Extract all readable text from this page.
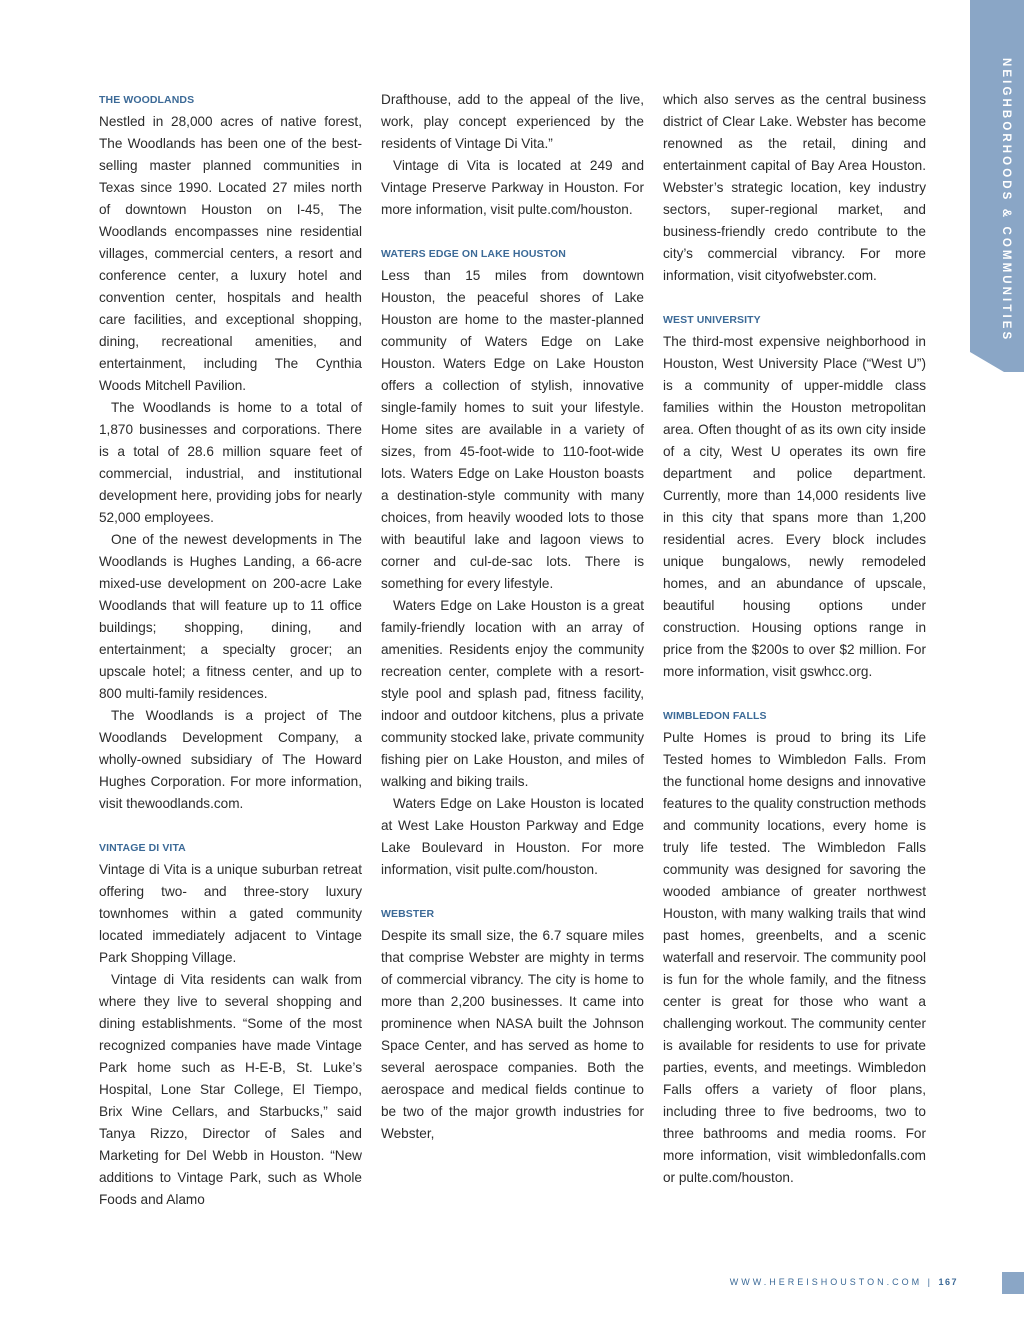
NEIGHBORHOODS & COMMUNITIES
THE WOODLANDS

Nestled in 28,000 acres of native forest, The Woodlands has been one of the best-selling master planned communities in Texas since 1990. Located 27 miles north of downtown Houston on I-45, The Woodlands encompasses nine residential villages, commercial centers, a resort and conference center, a luxury hotel and convention center, hospitals and health care facilities, and exceptional shopping, dining, recreational amenities, and entertainment, including The Cynthia Woods Mitchell Pavilion.

The Woodlands is home to a total of 1,870 businesses and corporations. There is a total of 28.6 million square feet of commercial, industrial, and institutional development here, providing jobs for nearly 52,000 employees.

One of the newest developments in The Woodlands is Hughes Landing, a 66-acre mixed-use development on 200-acre Lake Woodlands that will feature up to 11 office buildings; shopping, dining, and entertainment; a specialty grocer; an upscale hotel; a fitness center, and up to 800 multi-family residences.

The Woodlands is a project of The Woodlands Development Company, a wholly-owned subsidiary of The Howard Hughes Corporation. For more information, visit thewoodlands.com.

VINTAGE DI VITA

Vintage di Vita is a unique suburban retreat offering two- and three-story luxury townhomes within a gated community located immediately adjacent to Vintage Park Shopping Village.

Vintage di Vita residents can walk from where they live to several shopping and dining establishments. “Some of the most recognized companies have made Vintage Park home such as H-E-B, St. Luke’s Hospital, Lone Star College, El Tiempo, Brix Wine Cellars, and Starbucks,” said Tanya Rizzo, Director of Sales and Marketing for Del Webb in Houston. “New additions to Vintage Park, such as Whole Foods and Alamo

Drafthouse, add to the appeal of the live, work, play concept experienced by the residents of Vintage Di Vita.”

Vintage di Vita is located at 249 and Vintage Preserve Parkway in Houston. For more information, visit pulte.com/houston.

WATERS EDGE ON LAKE HOUSTON

Less than 15 miles from downtown Houston, the peaceful shores of Lake Houston are home to the master-planned community of Waters Edge on Lake Houston. Waters Edge on Lake Houston offers a collection of stylish, innovative single-family homes to suit your lifestyle. Home sites are available in a variety of sizes, from 45-foot-wide to 110-foot-wide lots. Waters Edge on Lake Houston boasts a destination-style community with many choices, from heavily wooded lots to those with beautiful lake and lagoon views to corner and cul-de-sac lots. There is something for every lifestyle.

Waters Edge on Lake Houston is a great family-friendly location with an array of amenities. Residents enjoy the community recreation center, complete with a resort-style pool and splash pad, fitness facility, indoor and outdoor kitchens, plus a private community stocked lake, private community fishing pier on Lake Houston, and miles of walking and biking trails.

Waters Edge on Lake Houston is located at West Lake Houston Parkway and Edge Lake Boulevard in Houston. For more information, visit pulte.com/houston.

WEBSTER

Despite its small size, the 6.7 square miles that comprise Webster are mighty in terms of commercial vibrancy. The city is home to more than 2,200 businesses. It came into prominence when NASA built the Johnson Space Center, and has served as home to several aerospace companies. Both the aerospace and medical fields continue to be two of the major growth industries for Webster,

which also serves as the central business district of Clear Lake. Webster has become renowned as the retail, dining and entertainment capital of Bay Area Houston. Webster’s strategic location, key industry sectors, super-regional market, and business-friendly credo contribute to the city’s commercial vibrancy. For more information, visit cityofwebster.com.

WEST UNIVERSITY

The third-most expensive neighborhood in Houston, West University Place (“West U”) is a community of upper-middle class families within the Houston metropolitan area. Often thought of as its own city inside of a city, West U operates its own fire department and police department. Currently, more than 14,000 residents live in this city that spans more than 1,200 residential acres. Every block includes unique bungalows, newly remodeled homes, and an abundance of upscale, beautiful housing options under construction. Housing options range in price from the $200s to over $2 million. For more information, visit gswhcc.org.

WIMBLEDON FALLS

Pulte Homes is proud to bring its Life Tested homes to Wimbledon Falls. From the functional home designs and innovative features to the quality construction methods and community locations, every home is truly life tested. The Wimbledon Falls community was designed for savoring the wooded ambiance of greater northwest Houston, with many walking trails that wind past homes, greenbelts, and a scenic waterfall and reservoir. The community pool is fun for the whole family, and the fitness center is great for those who want a challenging workout. The community center is available for residents to use for private parties, events, and meetings. Wimbledon Falls offers a variety of floor plans, including three to five bedrooms, two to three bathrooms and media rooms. For more information, visit wimbledonfalls.com or pulte.com/houston.

WWW.HEREISHOUSTON.COM | 167
